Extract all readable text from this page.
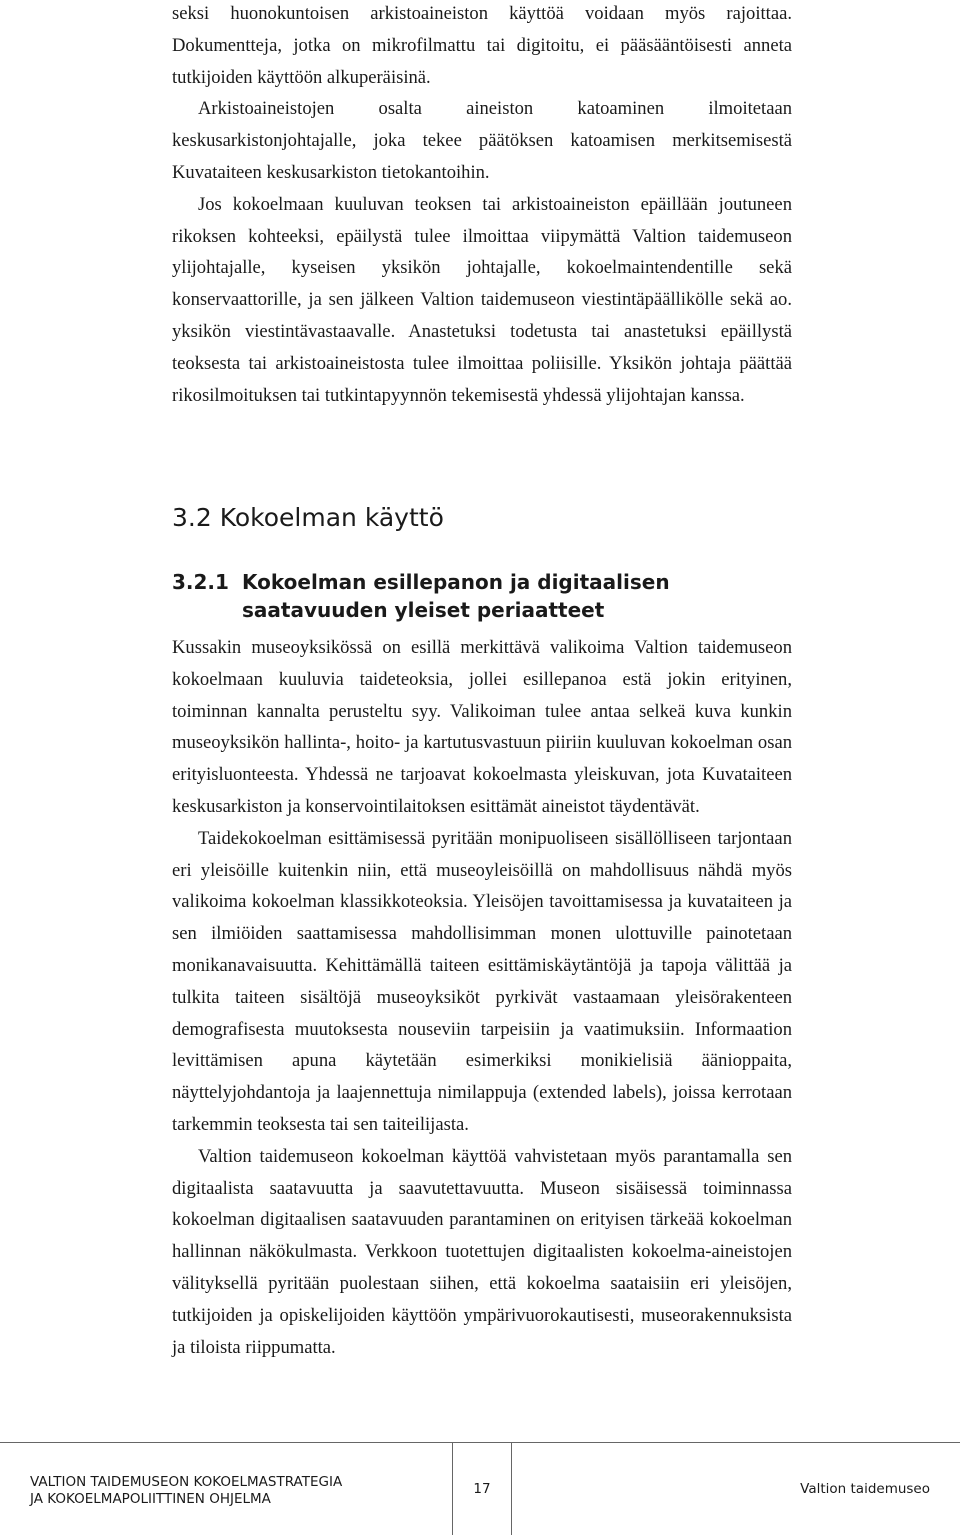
seksi huonokuntoisen arkistoaineiston käyttöä voidaan myös rajoittaa. Dokumentteja, jotka on mikrofilmattu tai digitoitu, ei pääsääntöisesti anneta tutkijoiden käyttöön alkuperäisinä.

Arkistoaineistojen osalta aineiston katoaminen ilmoitetaan keskusarkistonjohtajalle, joka tekee päätöksen katoamisen merkitsemisestä Kuvataiteen keskusarkiston tietokantoihin.

Jos kokoelmaan kuuluvan teoksen tai arkistoaineiston epäillään joutuneen rikoksen kohteeksi, epäilystä tulee ilmoittaa viipymättä Valtion taidemuseon ylijohtajalle, kyseisen yksikön johtajalle, kokoelmaintendentille sekä konservaattorille, ja sen jälkeen Valtion taidemuseon viestintäpäällikölle sekä ao. yksikön viestintävastaavalle. Anastetuksi todetusta tai anastetuksi epäillystä teoksesta tai arkistoaineistosta tulee ilmoittaa poliisille. Yksikön johtaja päättää rikosilmoituksen tai tutkintapyynnön tekemisestä yhdessä ylijohtajan kanssa.

3.2 Kokoelman käyttö
3.2.1 Kokoelman esillepanon ja digitaalisen
saatavuuden yleiset periaatteet

Kussakin museoyksikössä on esillä merkittävä valikoima Valtion taidemuseon kokoelmaan kuuluvia taideteoksia, jollei esillepanoa estä jokin erityinen, toiminnan kannalta perusteltu syy. Valikoiman tulee antaa selkeä kuva kunkin museoyksikön hallinta-, hoito- ja kartutusvastuun piiriin kuuluvan kokoelman osan erityisluonteesta. Yhdessä ne tarjoavat kokoelmasta yleiskuvan, jota Kuvataiteen keskusarkiston ja konservointilaitoksen esittämät aineistot täydentävät.

Taidekokoelman esittämisessä pyritään monipuoliseen sisällölliseen tarjontaan eri yleisöille kuitenkin niin, että museoyleisöillä on mahdollisuus nähdä myös valikoima kokoelman klassikkoteoksia. Yleisöjen tavoittamisessa ja kuvataiteen ja sen ilmiöiden saattamisessa mahdollisimman monen ulottuville painotetaan monikanavaisuutta. Kehittämällä taiteen esittämiskäytäntöjä ja tapoja välittää ja tulkita taiteen sisältöjä museoyksiköt pyrkivät vastaamaan yleisörakenteen demografisesta muutoksesta nouseviin tarpeisiin ja vaatimuksiin. Informaation levittämisen apuna käytetään esimerkiksi monikielisiä äänioppaita, näyttelyjohdantoja ja laajennettuja nimilappuja (extended labels), joissa kerrotaan tarkemmin teoksesta tai sen taiteilijasta.

Valtion taidemuseon kokoelman käyttöä vahvistetaan myös parantamalla sen digitaalista saatavuutta ja saavutettavuutta. Museon sisäisessä toiminnassa kokoelman digitaalisen saatavuuden parantaminen on erityisen tärkeää kokoelman hallinnan näkökulmasta. Verkkoon tuotettujen digitaalisten kokoelma-aineistojen välityksellä pyritään puolestaan siihen, että kokoelma saataisiin eri yleisöjen, tutkijoiden ja opiskelijoiden käyttöön ympärivuorokautisesti, museorakennuksista ja tiloista riippumatta.

VALTION TAIDEMUSEON KOKOELMASTRATEGIA
JA KOKOELMAPOLIITTINEN OHJELMA
17	Valtion taidemuseo
